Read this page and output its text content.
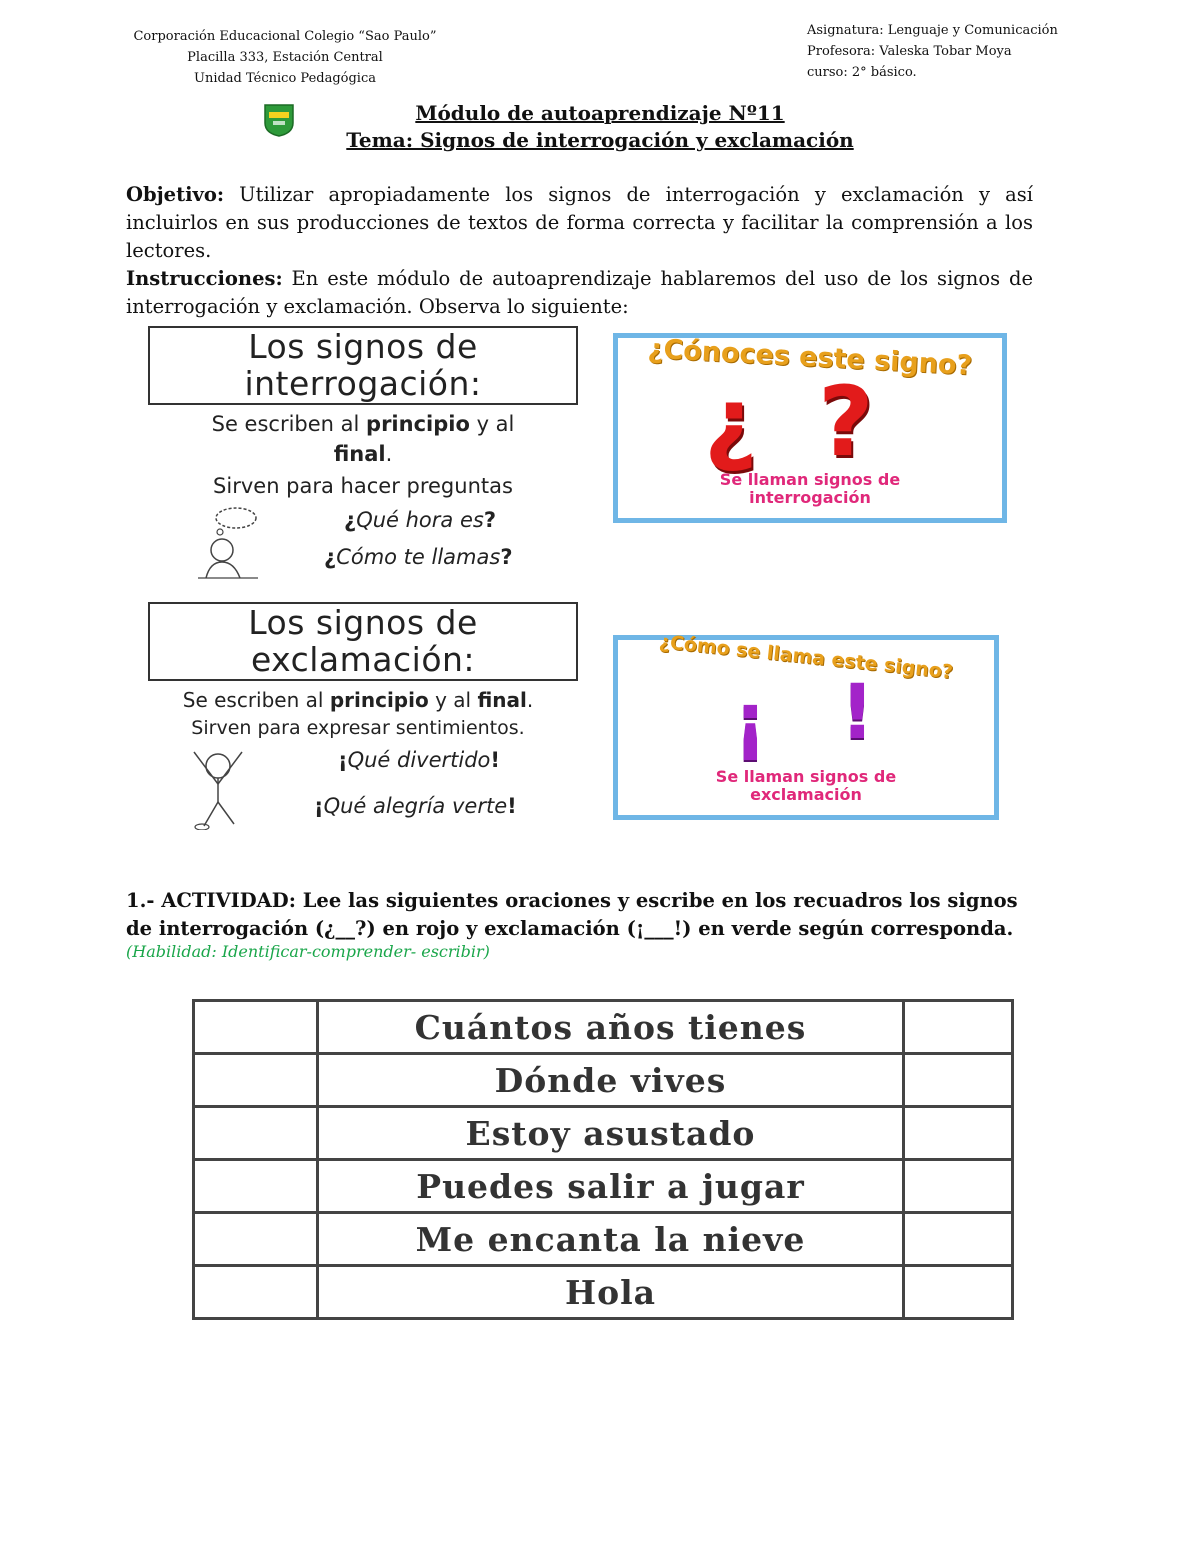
Corporación Educacional Colegio “Sao Paulo”
Placilla 333, Estación Central
Unidad Técnico Pedagógica
Asignatura: Lenguaje y Comunicación
Profesora: Valeska Tobar Moya
curso: 2° básico.
Módulo de autoaprendizaje Nº11
Tema: Signos de interrogación y exclamación

Objetivo: Utilizar apropiadamente los signos de interrogación y exclamación y así incluirlos en sus producciones de textos de forma correcta y facilitar la comprensión a los lectores.

Instrucciones: En este módulo de autoaprendizaje hablaremos del uso de los signos de interrogación y exclamación. Observa lo siguiente:

Los signos de
interrogación:
Se escriben al principio y al
final.
Sirven para hacer preguntas
¿Qué hora es?
¿Cómo te llamas?
¿Cónoces este signo?
¿ ?
Se llaman signos de
interrogación
Los signos de
exclamación:
Se escriben al principio y al final.
Sirven para expresar sentimientos.
¡Qué divertido!
¡Qué alegría verte!
¿Cómo se llama este signo?
¡ !
Se llaman signos de
exclamación
1.- ACTIVIDAD: Lee las siguientes oraciones y escribe en los recuadros los signos de interrogación (¿__?) en rojo y exclamación (¡___!) en verde según corresponda.
(Habilidad: Identificar-comprender- escribir)
	Cuántos años tienes	
	Dónde vives	
	Estoy asustado	
	Puedes salir a jugar	
	Me encanta la nieve	
	Hola	
